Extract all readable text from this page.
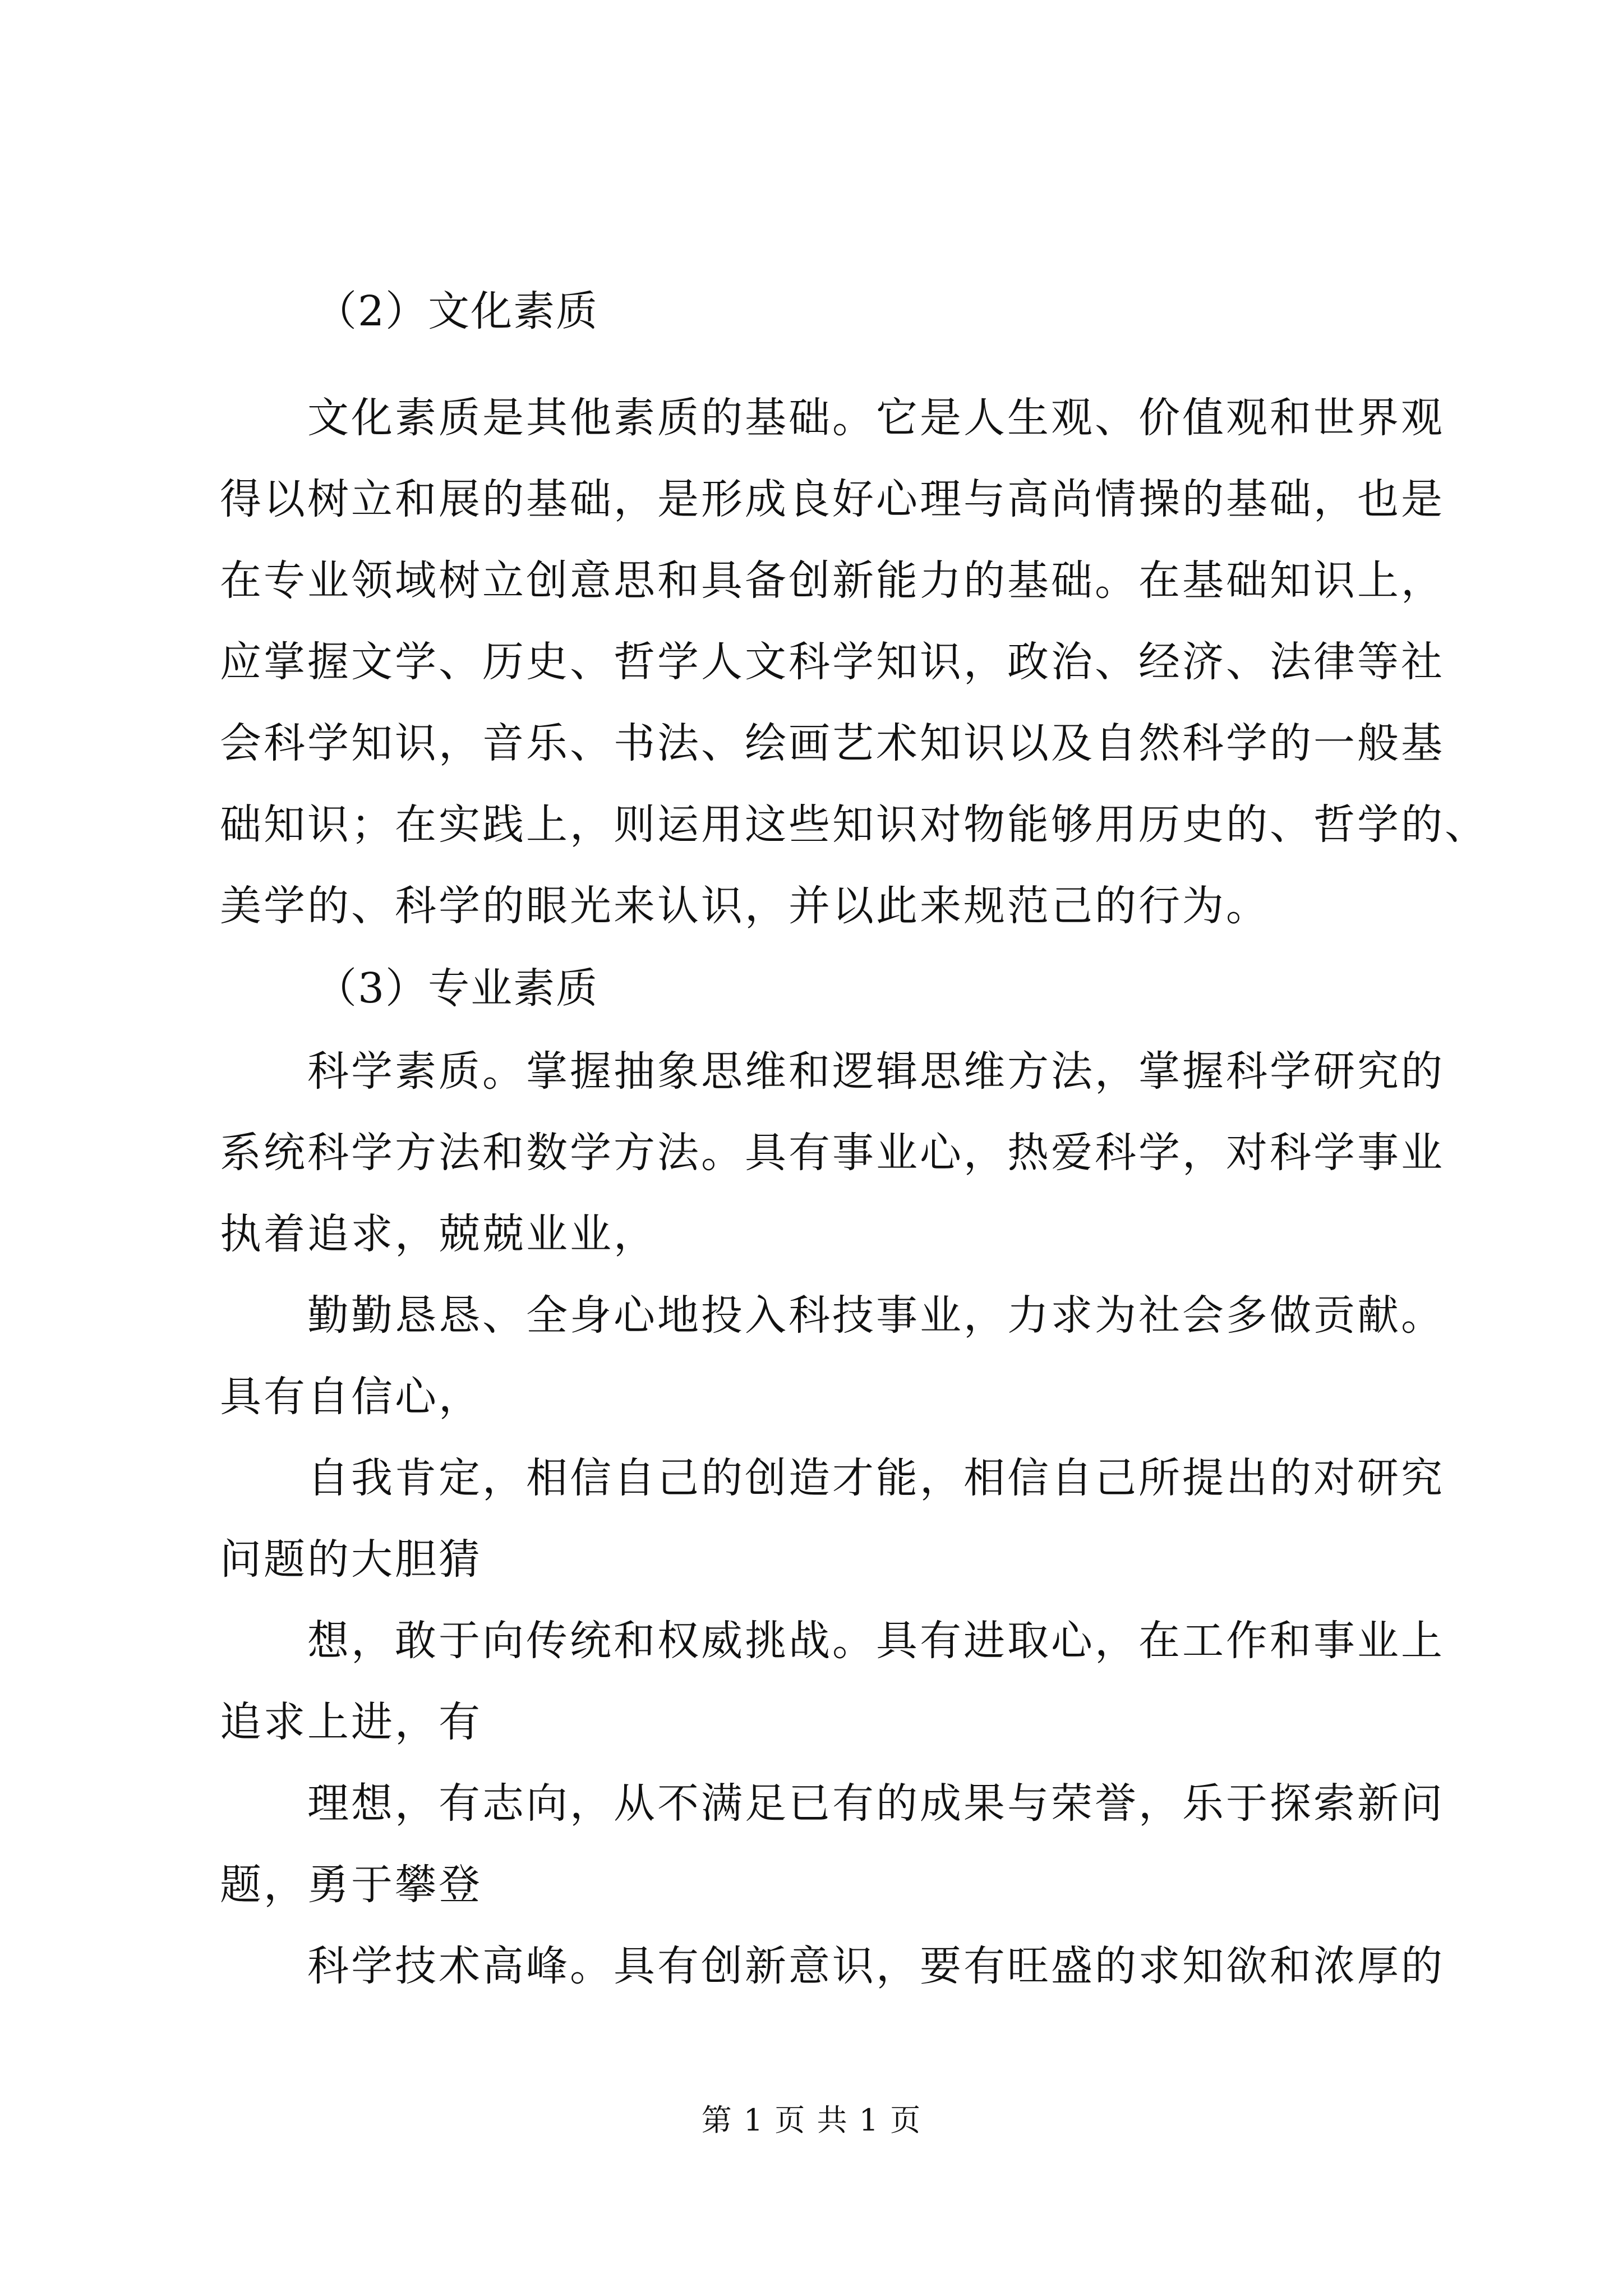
（2）文化素质
文化素质是其他素质的基础。它是人生观、价值观和世界观
得以树立和展的基础，是形成良好心理与高尚情操的基础，也是
在专业领域树立创意思和具备创新能力的基础。在基础知识上，
应掌握文学、历史、哲学人文科学知识，政治、经济、法律等社
会科学知识，音乐、书法、绘画艺术知识以及自然科学的一般基
础知识；在实践上，则运用这些知识对物能够用历史的、哲学的、
美学的、科学的眼光来认识，并以此来规范己的行为。
（3）专业素质
科学素质。掌握抽象思维和逻辑思维方法，掌握科学研究的
系统科学方法和数学方法。具有事业心，热爱科学，对科学事业
执着追求，兢兢业业，
勤勤恳恳、全身心地投入科技事业，力求为社会多做贡献。
具有自信心，
自我肯定，相信自己的创造才能，相信自己所提出的对研究
问题的大胆猜
想，敢于向传统和权威挑战。具有进取心，在工作和事业上
追求上进，有
理想，有志向，从不满足已有的成果与荣誉，乐于探索新问
题，勇于攀登
科学技术高峰。具有创新意识，要有旺盛的求知欲和浓厚的
第 1 页 共 1 页
